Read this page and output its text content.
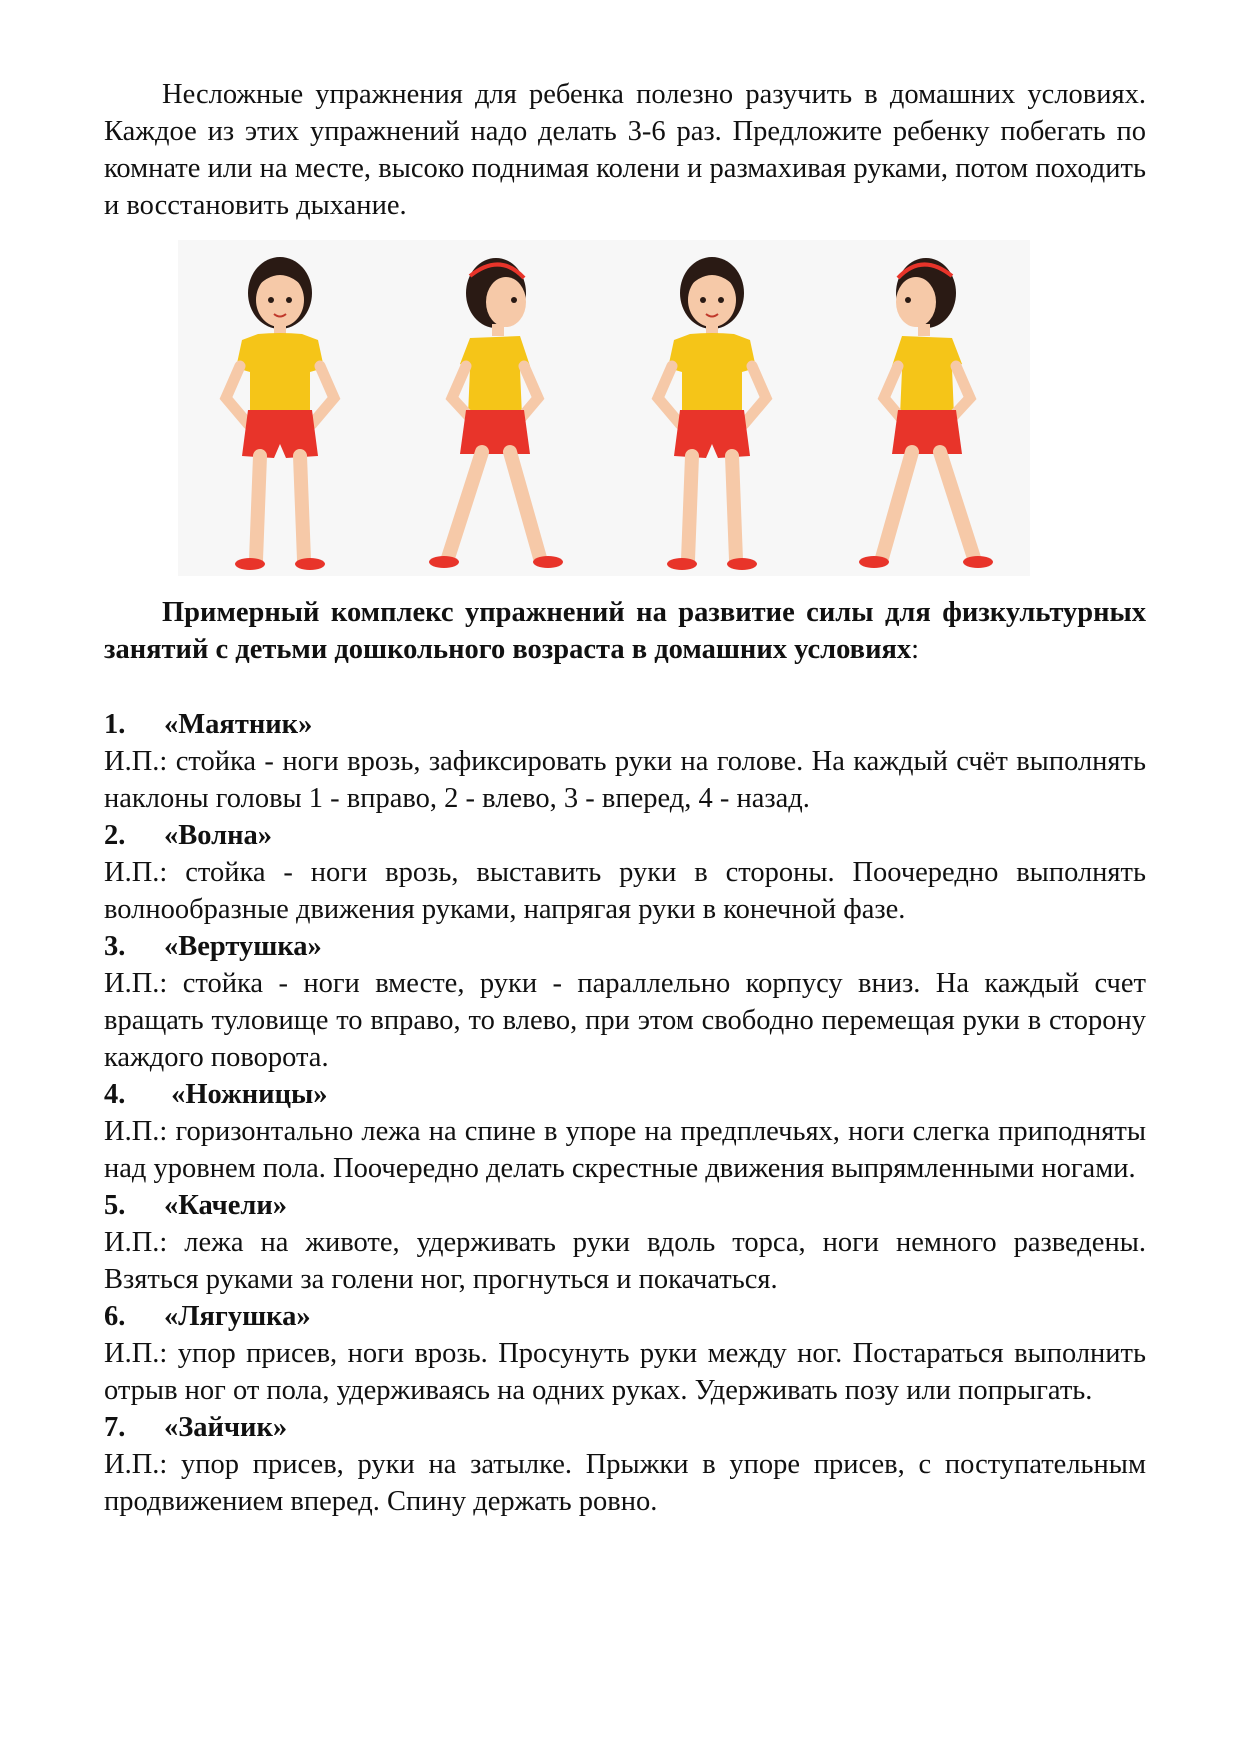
Несложные упражнения для ребенка полезно разучить в домашних условиях. Каждое из этих упражнений надо делать 3-6 раз. Предложите ребенку побегать по комнате или на месте, высоко поднимая колени и размахивая руками, потом походить и восстановить дыхание.

Примерный комплекс упражнений на развитие силы для физкультурных занятий с детьми дошкольного возраста в домашних условиях:

1.	«Маятник»

И.П.: стойка - ноги врозь, зафиксировать руки на голове. На каждый счёт выполнять наклоны головы 1 - вправо, 2 - влево, 3 - вперед, 4 - назад.

2.	«Волна»

И.П.: стойка - ноги врозь, выставить руки в стороны. Поочередно выполнять волнообразные движения руками, напрягая руки в конечной фазе.

3.	«Вертушка»

И.П.: стойка - ноги вместе, руки - параллельно корпусу вниз. На каждый счет вращать туловище то вправо, то влево, при этом свободно перемещая руки в сторону каждого поворота.

4.	«Ножницы»

И.П.: горизонтально лежа на спине в упоре на предплечьях, ноги слегка приподняты над уровнем пола. Поочередно делать скрестные движения выпрямленными ногами.

5.	«Качели»

И.П.: лежа на животе, удерживать руки вдоль торса, ноги немного разведены. Взяться руками за голени ног, прогнуться и покачаться.

6.	«Лягушка»

И.П.: упор присев, ноги врозь. Просунуть руки между ног. Постараться выполнить отрыв ног от пола, удерживаясь на одних руках. Удерживать позу или попрыгать.

7.	«Зайчик»

И.П.: упор присев, руки на затылке. Прыжки в упоре присев, с поступательным продвижением вперед. Спину держать ровно.
